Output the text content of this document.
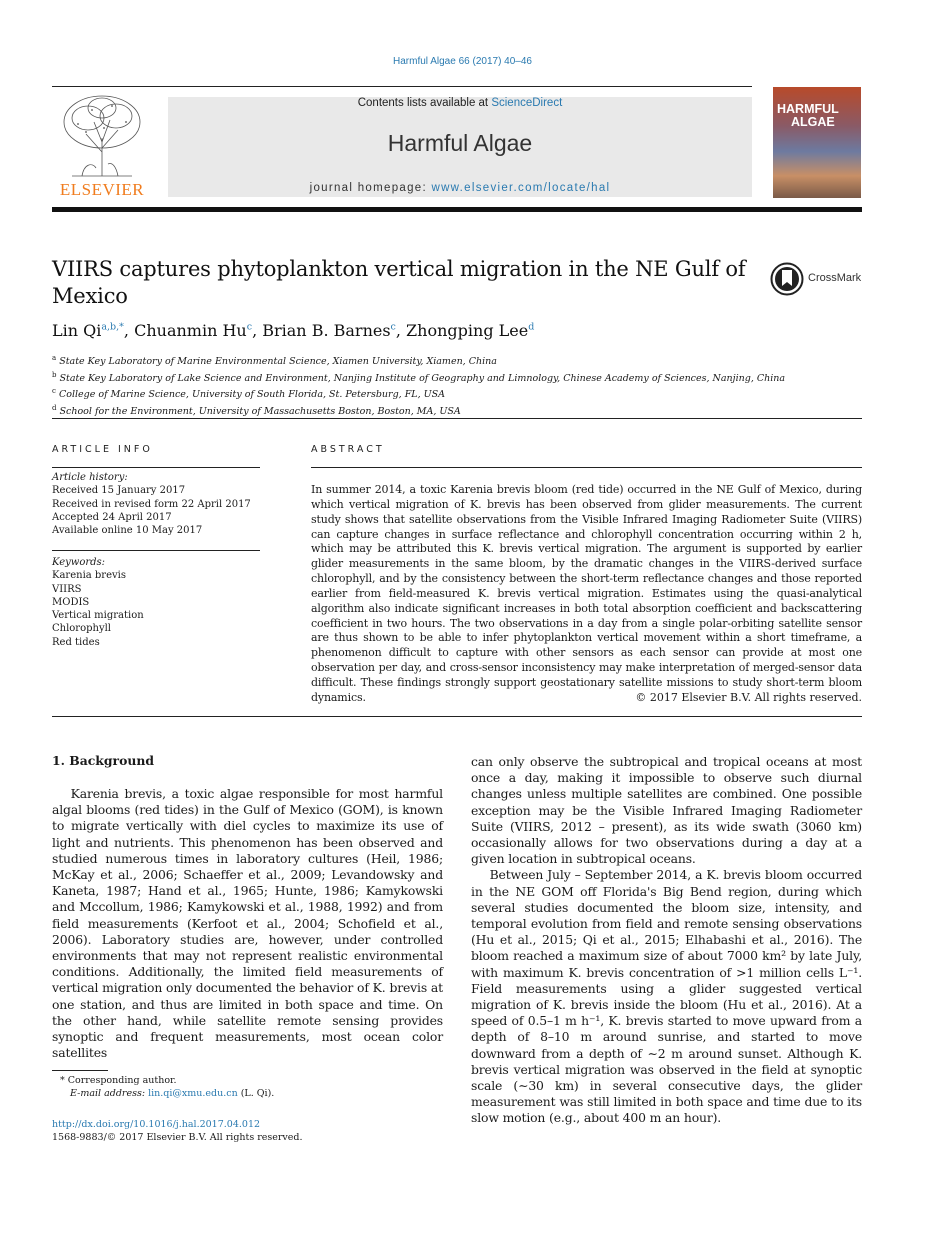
Harmful Algae 66 (2017) 40–46
ELSEVIER
Contents lists available at ScienceDirect
Harmful Algae
journal homepage: www.elsevier.com/locate/hal
HARMFUL
ALGAE
VIIRS captures phytoplankton vertical migration in the NE Gulf of Mexico
CrossMark
Lin $Qi^{a,b,*}$, Chuanmin Hu$^c$, Brian B. Barnes$^c$, Zhongping Lee$^d$
$^a$ State Key Laboratory of Marine Environmental Science, Xiamen University, Xiamen, China
$^b$ State Key Laboratory of Lake Science and Environment, Nanjing Institute of Geography and Limnology, Chinese Academy of Sciences, Nanjing, China
$^c$ College of Marine Science, University of South Florida, St. Petersburg, FL, USA
$^d$ School for the Environment, University of Massachusetts Boston, Boston, MA, USA
ARTICLE INFO
Article history:
Received 15 January 2017
Received in revised form 22 April 2017
Accepted 24 April 2017
Available online 10 May 2017
Keywords:
Karenia brevis
VIIRS
MODIS
Vertical migration
Chlorophyll
Red tides
ABSTRACT
In summer 2014, a toxic Karenia brevis bloom (red tide) occurred in the NE Gulf of Mexico, during which vertical migration of K. brevis has been observed from glider measurements. The current study shows that satellite observations from the Visible Infrared Imaging Radiometer Suite (VIIRS) can capture changes in surface reflectance and chlorophyll concentration occurring within 2 h, which may be attributed this K. brevis vertical migration. The argument is supported by earlier glider measurements in the same bloom, by the dramatic changes in the VIIRS-derived surface chlorophyll, and by the consistency between the short-term reflectance changes and those reported earlier from field-measured K. brevis vertical migration. Estimates using the quasi-analytical algorithm also indicate significant increases in both total absorption coefficient and backscattering coefficient in two hours. The two observations in a day from a single polar-orbiting satellite sensor are thus shown to be able to infer phytoplankton vertical movement within a short timeframe, a phenomenon difficult to capture with other sensors as each sensor can provide at most one observation per day, and cross-sensor inconsistency may make interpretation of merged-sensor data difficult. These findings strongly support geostationary satellite missions to study short-term bloom dynamics.	© 2017 Elsevier B.V. All rights reserved.
1. Background

Karenia brevis, a toxic algae responsible for most harmful algal blooms (red tides) in the Gulf of Mexico (GOM), is known to migrate vertically with diel cycles to maximize its use of light and nutrients. This phenomenon has been observed and studied numerous times in laboratory cultures (Heil, 1986; McKay et al., 2006; Schaeffer et al., 2009; Levandowsky and Kaneta, 1987; Hand et al., 1965; Hunte, 1986; Kamykowski and Mccollum, 1986; Kamykowski et al., 1988, 1992) and from field measurements (Kerfoot et al., 2004; Schofield et al., 2006). Laboratory studies are, however, under controlled environments that may not represent realistic environmental conditions. Additionally, the limited field measurements of vertical migration only documented the behavior of K. brevis at one station, and thus are limited in both space and time. On the other hand, while satellite remote sensing provides synoptic and frequent measurements, most ocean color satellites

can only observe the subtropical and tropical oceans at most once a day, making it impossible to observe such diurnal changes unless multiple satellites are combined. One possible exception may be the Visible Infrared Imaging Radiometer Suite (VIIRS, 2012 – present), as its wide swath (3060 km) occasionally allows for two observations during a day at a given location in subtropical oceans.

Between July – September 2014, a K. brevis bloom occurred in the NE GOM off Florida's Big Bend region, during which several studies documented the bloom size, intensity, and temporal evolution from field and remote sensing observations (Hu et al., 2015; Qi et al., 2015; Elhabashi et al., 2016). The bloom reached a maximum size of about 7000 km² by late July, with maximum K. brevis concentration of >1 million cells L⁻¹. Field measurements using a glider suggested vertical migration of K. brevis inside the bloom (Hu et al., 2016). At a speed of 0.5–1 m h⁻¹, K. brevis started to move upward from a depth of 8–10 m around sunrise, and started to move downward from a depth of ∼2 m around sunset. Although K. brevis vertical migration was observed in the field at synoptic scale (∼30 km) in several consecutive days, the glider measurement was still limited in both space and time due to its slow motion (e.g., about 400 m an hour).

* Corresponding author.
E-mail address: lin.qi@xmu.edu.cn (L. Qi).
http://dx.doi.org/10.1016/j.hal.2017.04.012
1568-9883/© 2017 Elsevier B.V. All rights reserved.
